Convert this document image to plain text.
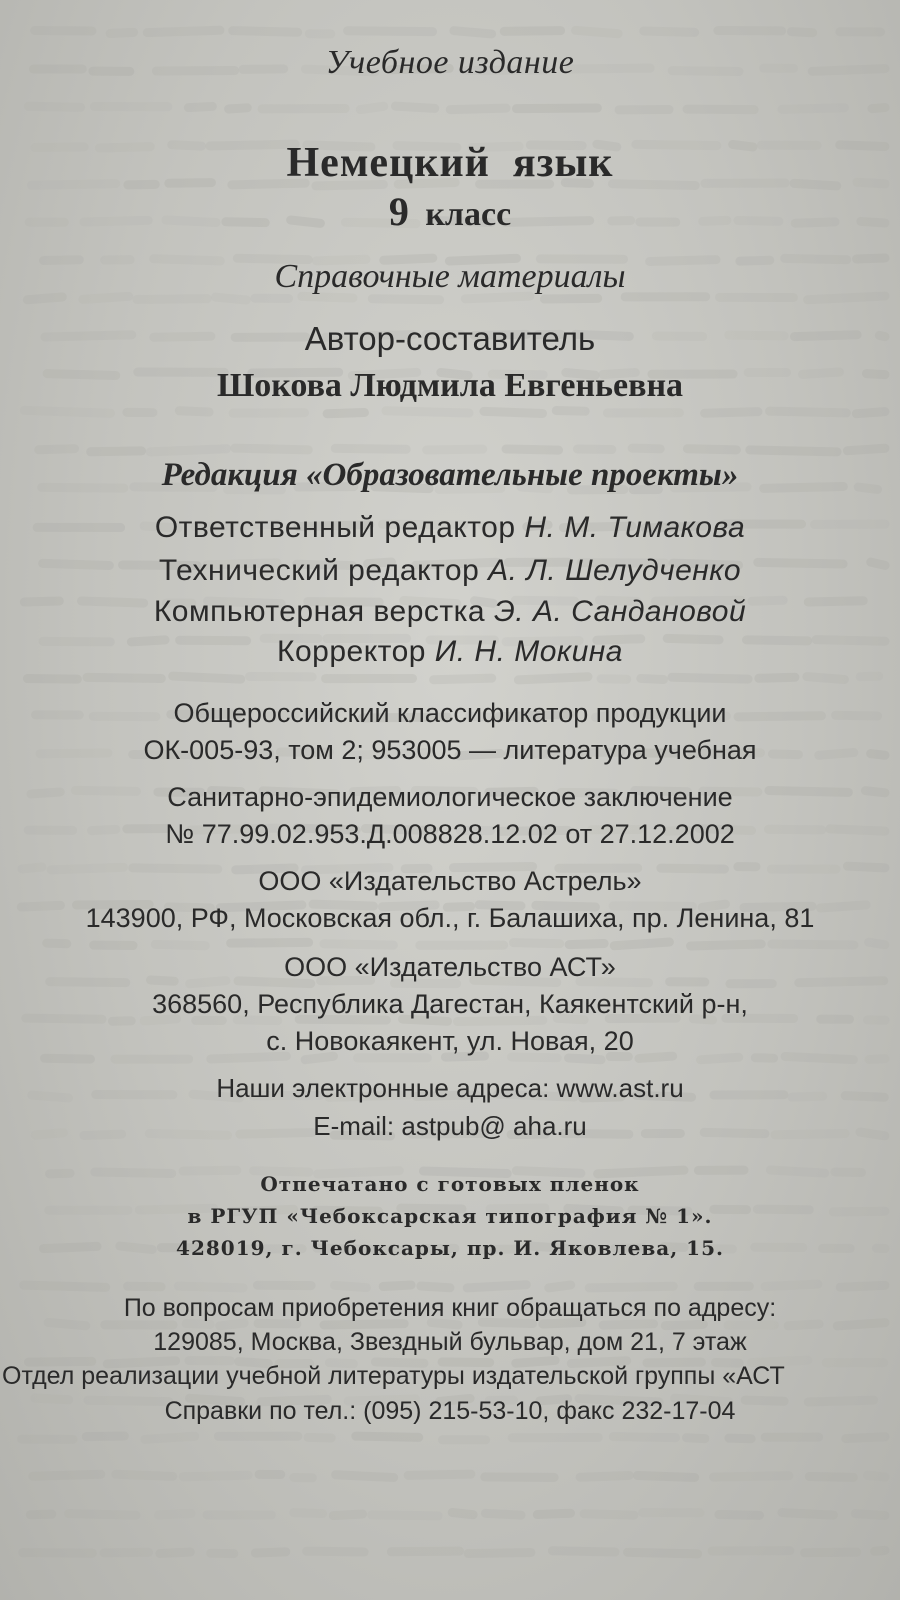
Учебное издание
Немецкий  язык
9 класс
Справочные материалы
Автор-составитель
Шокова Людмила Евгеньевна
Редакция «Образовательные проекты»
Ответственный редактор Н. М. Тимакова
Технический редактор А. Л. Шелудченко
Компьютерная верстка Э. А. Сандановой
Корректор И. Н. Мокина
Общероссийский классификатор продукции
ОК-005-93, том 2; 953005 — литература учебная
Санитарно-эпидемиологическое заключение
№ 77.99.02.953.Д.008828.12.02 от 27.12.2002
ООО «Издательство Астрель»
143900, РФ, Московская обл., г. Балашиха, пр. Ленина, 81
ООО «Издательство АСТ»
368560, Республика Дагестан, Каякентский р-н,
с. Новокаякент, ул. Новая, 20
Наши электронные адреса: www.ast.ru
E-mail: astpub@ aha.ru
Отпечатано с готовых пленок
в РГУП «Чебоксарская типография № 1».
428019, г. Чебоксары, пр. И. Яковлева, 15.
По вопросам приобретения книг обращаться по адресу:
129085, Москва, Звездный бульвар, дом 21, 7 этаж
Отдел реализации учебной литературы издательской группы «АСТ
Справки по тел.: (095) 215-53-10, факс 232-17-04
